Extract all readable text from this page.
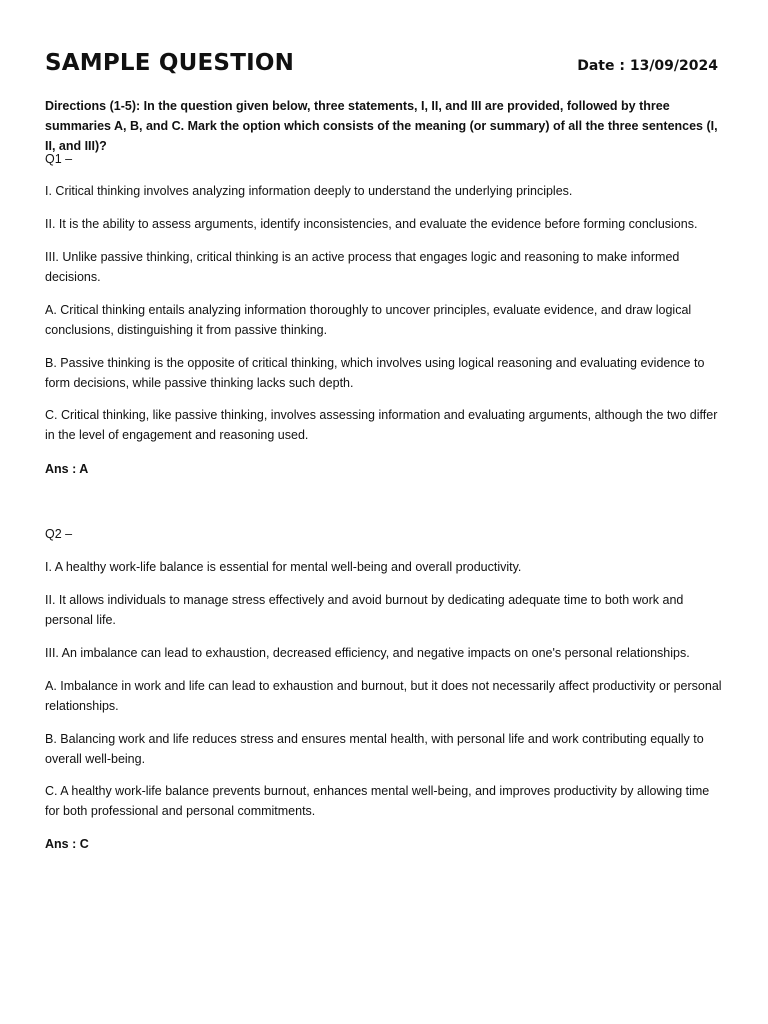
SAMPLE QUESTION	Date : 13/09/2024
Directions (1-5): In the question given below, three statements, I, II, and III are provided, followed by three summaries A, B, and C. Mark the option which consists of the meaning (or summary) of all the three sentences (I, II, and III)?
Q1 –
I. Critical thinking involves analyzing information deeply to understand the underlying principles.
II. It is the ability to assess arguments, identify inconsistencies, and evaluate the evidence before forming conclusions.
III. Unlike passive thinking, critical thinking is an active process that engages logic and reasoning to make informed decisions.
A. Critical thinking entails analyzing information thoroughly to uncover principles, evaluate evidence, and draw logical conclusions, distinguishing it from passive thinking.
B. Passive thinking is the opposite of critical thinking, which involves using logical reasoning and evaluating evidence to form decisions, while passive thinking lacks such depth.
C. Critical thinking, like passive thinking, involves assessing information and evaluating arguments, although the two differ in the level of engagement and reasoning used.
Ans : A
Q2 –
I. A healthy work-life balance is essential for mental well-being and overall productivity.
II. It allows individuals to manage stress effectively and avoid burnout by dedicating adequate time to both work and personal life.
III. An imbalance can lead to exhaustion, decreased efficiency, and negative impacts on one's personal relationships.
A. Imbalance in work and life can lead to exhaustion and burnout, but it does not necessarily affect productivity or personal relationships.
B. Balancing work and life reduces stress and ensures mental health, with personal life and work contributing equally to overall well-being.
C. A healthy work-life balance prevents burnout, enhances mental well-being, and improves productivity by allowing time for both professional and personal commitments.
Ans : C
